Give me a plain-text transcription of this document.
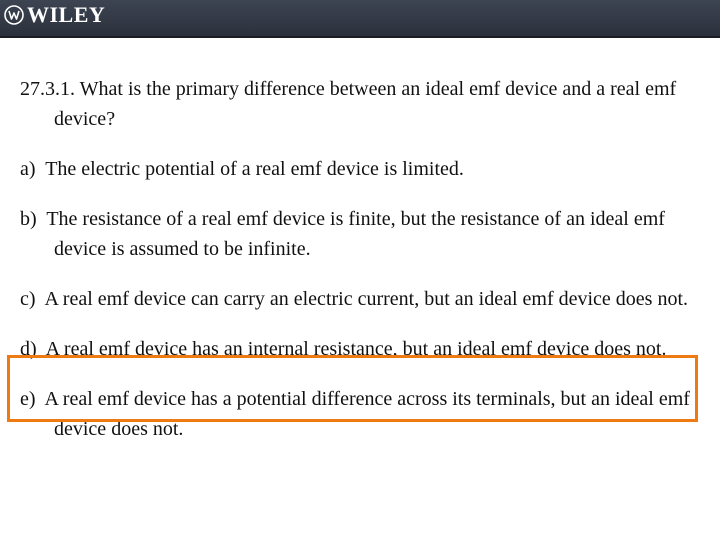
WILEY

27.3.1. What is the primary difference between an ideal emf device and a real emf device?

a) The electric potential of a real emf device is limited.

b) The resistance of a real emf device is finite, but the resistance of an ideal emf device is assumed to be infinite.

c) A real emf device can carry an electric current, but an ideal emf device does not.

d) A real emf device has an internal resistance, but an ideal emf device does not.

e) A real emf device has a potential difference across its terminals, but an ideal emf device does not.
